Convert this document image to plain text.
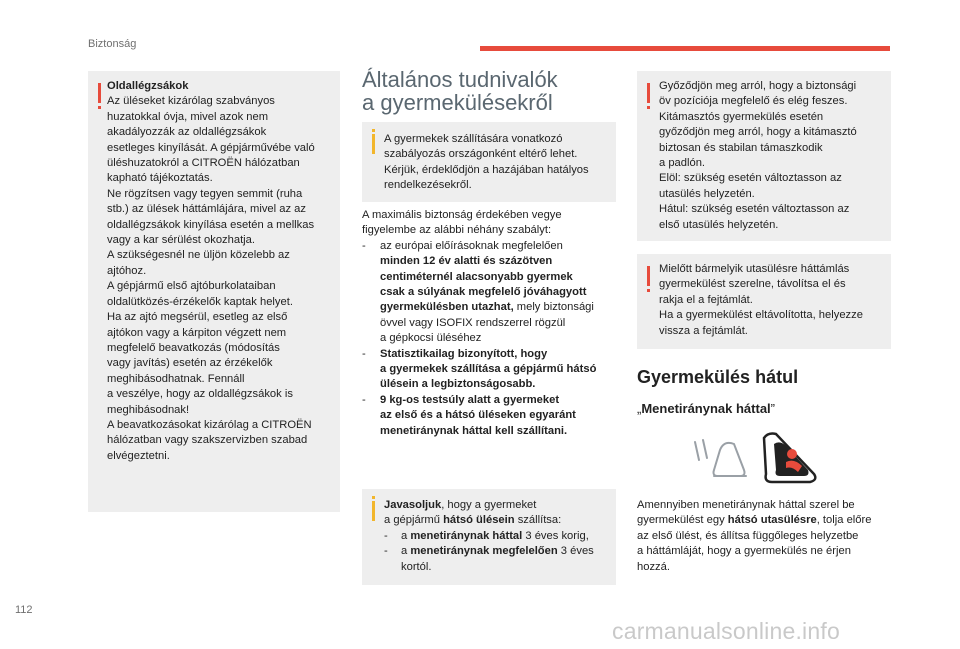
Biztonság
Oldallégzsákok
Az üléseket kizárólag szabványos
huzatokkal óvja, mivel azok nem
akadályozzák az oldallégzsákok
esetleges kinyílását. A gépjárművébe való
üléshuzatokról a CITROËN hálózatban
kapható tájékoztatás.
Ne rögzítsen vagy tegyen semmit (ruha
stb.) az ülések háttámlájára, mivel az az
oldallégzsákok kinyílása esetén a mellkas
vagy a kar sérülést okozhatja.
A szükségesnél ne üljön közelebb az
ajtóhoz.
A gépjármű első ajtóburkolataiban
oldalütközés-érzékelők kaptak helyet.
Ha az ajtó megsérül, esetleg az első
ajtókon vagy a kárpiton végzett nem
megfelelő beavatkozás (módosítás
vagy javítás) esetén az érzékelők
meghibásodhatnak. Fennáll
a veszélye, hogy az oldallégzsákok is
meghibásodnak!
A beavatkozásokat kizárólag a CITROËN
hálózatban vagy szakszervizben szabad
elvégeztetni.
Általános tudnivalók
a gyermekülésekről
A gyermekek szállítására vonatkozó
szabályozás országonként eltérő lehet.
Kérjük, érdeklődjön a hazájában hatályos
rendelkezésekről.
A maximális biztonság érdekében vegye
figyelembe az alábbi néhány szabályt:
- az európai előírásoknak megfelelően
minden 12 év alatti és százötven
centiméternél alacsonyabb gyermek
csak a súlyának megfelelő jóváhagyott
gyermekülésben utazhat, mely biztonsági
övvel vagy ISOFIX rendszerrel rögzül
a gépkocsi üléséhez
- Statisztikailag bizonyított, hogy
a gyermekek szállítása a gépjármű hátsó
ülésein a legbiztonságosabb.
- 9 kg-os testsúly alatt a gyermeket
az első és a hátsó üléseken egyaránt
menetiránynak háttal kell szállítani.
Javasoljuk, hogy a gyermeket
a gépjármű hátsó ülésein szállítsa:
- a menetiránynak háttal 3 éves korig,
- a menetiránynak megfelelően 3 éves
kortól.
Győződjön meg arról, hogy a biztonsági
öv pozíciója megfelelő és elég feszes.
Kitámasztós gyermekülés esetén
győződjön meg arról, hogy a kitámasztó
biztosan és stabilan támaszkodik
a padlón.
Elöl: szükség esetén változtasson az
utasülés helyzetén.
Hátul: szükség esetén változtasson az
első utasülés helyzetén.
Mielőtt bármelyik utasülésre háttámlás
gyermekülést szerelne, távolítsa el és
rakja el a fejtámlát.
Ha a gyermekülést eltávolította, helyezze
vissza a fejtámlát.
Gyermekülés hátul
„Menetiránynak háttal”
Amennyiben menetiránynak háttal szerel be
gyermekülést egy hátsó utasülésre, tolja előre
az első ülést, és állítsa függőleges helyzetbe
a háttámláját, hogy a gyermekülés ne érjen
hozzá.
112
carmanualsonline.info
